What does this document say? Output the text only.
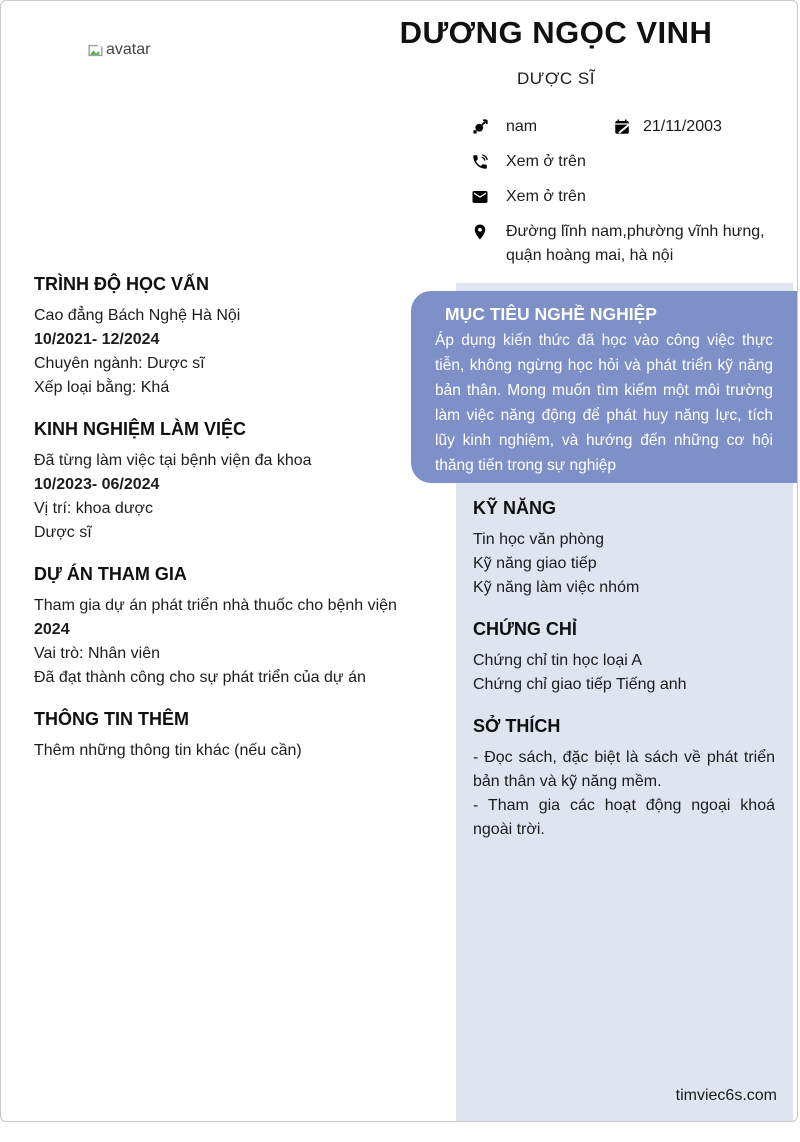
avatar	DƯƠNG NGỌC VINH
DƯỢC SĨ
nam	21/11/2003
Xem ở trên
Xem ở trên
Đường lĩnh nam,phường vĩnh hưng, quận hoàng mai, hà nội
MỤC TIÊU NGHỀ NGHIỆP

Áp dụng kiến thức đã học vào công việc thực tiễn, không ngừng học hỏi và phát triển kỹ năng bản thân. Mong muốn tìm kiếm một môi trường làm việc năng động để phát huy năng lực, tích lũy kinh nghiệm, và hướng đến những cơ hội thăng tiến trong sự nghiệp

TRÌNH ĐỘ HỌC VẤN
Cao đẳng Bách Nghệ Hà Nội
10/2021- 12/2024
Chuyên ngành: Dược sĩ
Xếp loại bằng: Khá
KINH NGHIỆM LÀM VIỆC
Đã từng làm việc tại bệnh viện đa khoa
10/2023- 06/2024
Vị trí: khoa dược
Dược sĩ
DỰ ÁN THAM GIA
Tham gia dự án phát triển nhà thuốc cho bệnh viện
2024
Vai trò: Nhân viên
Đã đạt thành công cho sự phát triển của dự án
THÔNG TIN THÊM
Thêm những thông tin khác (nếu cần)
KỸ NĂNG
Tin học văn phòng
Kỹ năng giao tiếp
Kỹ năng làm việc nhóm
CHỨNG CHỈ
Chứng chỉ tin học loại A
Chứng chỉ giao tiếp Tiếng anh
SỞ THÍCH
- Đọc sách, đặc biệt là sách về phát triển bản thân và kỹ năng mềm.
- Tham gia các hoạt động ngoại khoá ngoài trời.
timviec6s.com
